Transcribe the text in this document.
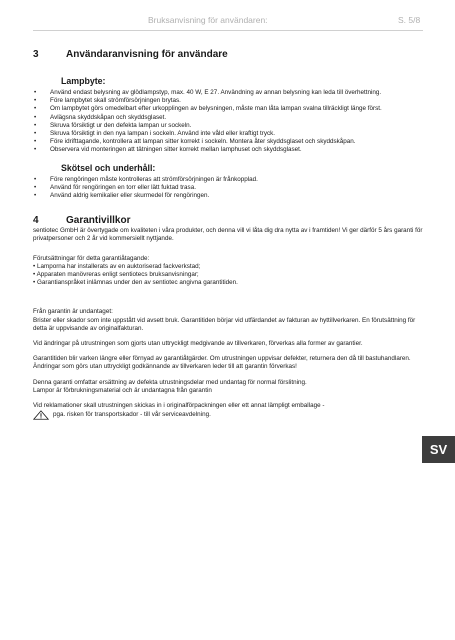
Bruksanvisning för användaren:	S. 5/8
3	Användaranvisning för användare
Lampbyte:
• Använd endast belysning av glödlampstyp, max. 40 W, E 27. Användning av annan belysning kan leda till överhettning.
• Före lampbytet skall strömförsörjningen brytas.
• Om lampbytet görs omedelbart efter urkopplingen av belysningen, måste man låta lampan svalna tillräckligt länge först.
• Avlägsna skyddskåpan och skyddsglaset.
• Skruva försiktigt ur den defekta lampan ur sockeln.
• Skruva försiktigt in den nya lampan i sockeln. Använd inte våld eller kraftigt tryck.
• Före idrifttagande, kontrollera att lampan sitter korrekt i sockeln. Montera åter skyddsglaset och skyddskåpan.
• Observera vid monteringen att tätningen sitter korrekt mellan lamphuset och skyddsglaset.
Skötsel och underhåll:
• Före rengöringen måste kontrolleras att strömförsörjningen är frånkopplad.
• Använd för rengöringen en torr eller lätt fuktad trasa.
• Använd aldrig kemikalier eller skurmedel för rengöringen.
4	Garantivillkor

sentiotec GmbH är övertygade om kvaliteten i våra produkter, och denna vill vi låta dig dra nytta av i framtiden! Vi ger därför 5 års garanti för privatpersoner och 2 år vid kommersiellt nyttjande.

Förutsättningar för detta garantiåtagande:

• Lamporna har installerats av en auktoriserad fackverkstad;

• Apparaten manövreras enligt sentiotecs bruksanvisningar;

• Garantianspråket inlämnas under den av sentiotec angivna garantitiden.

Från garantin är undantaget:

Brister eller skador som inte uppstått vid avsett bruk. Garantitiden börjar vid utfärdandet av fakturan av hyttillverkaren. En förutsättning för detta är uppvisande av originalfakturan.

Vid ändringar på utrustningen som gjorts utan uttryckligt medgivande av tillverkaren, förverkas alla former av garantier.

Garantitiden blir varken längre eller förnyad av garantiåtgärder. Om utrustningen uppvisar defekter, returnera den då till bastuhandlaren. Ändringar som görs utan uttryckligt godkännande av tillverkaren leder till att garantin förverkas!

Denna garanti omfattar ersättning av defekta utrustningsdelar med undantag för normal förslitning.

Lampor är förbrukningsmaterial och är undantagna från garantin

Vid reklamationer skall utrustningen skickas in i originalförpackningen eller ett annat lämpligt emballage -

pga. risken för transportskador - till vår serviceavdelning.
SV
